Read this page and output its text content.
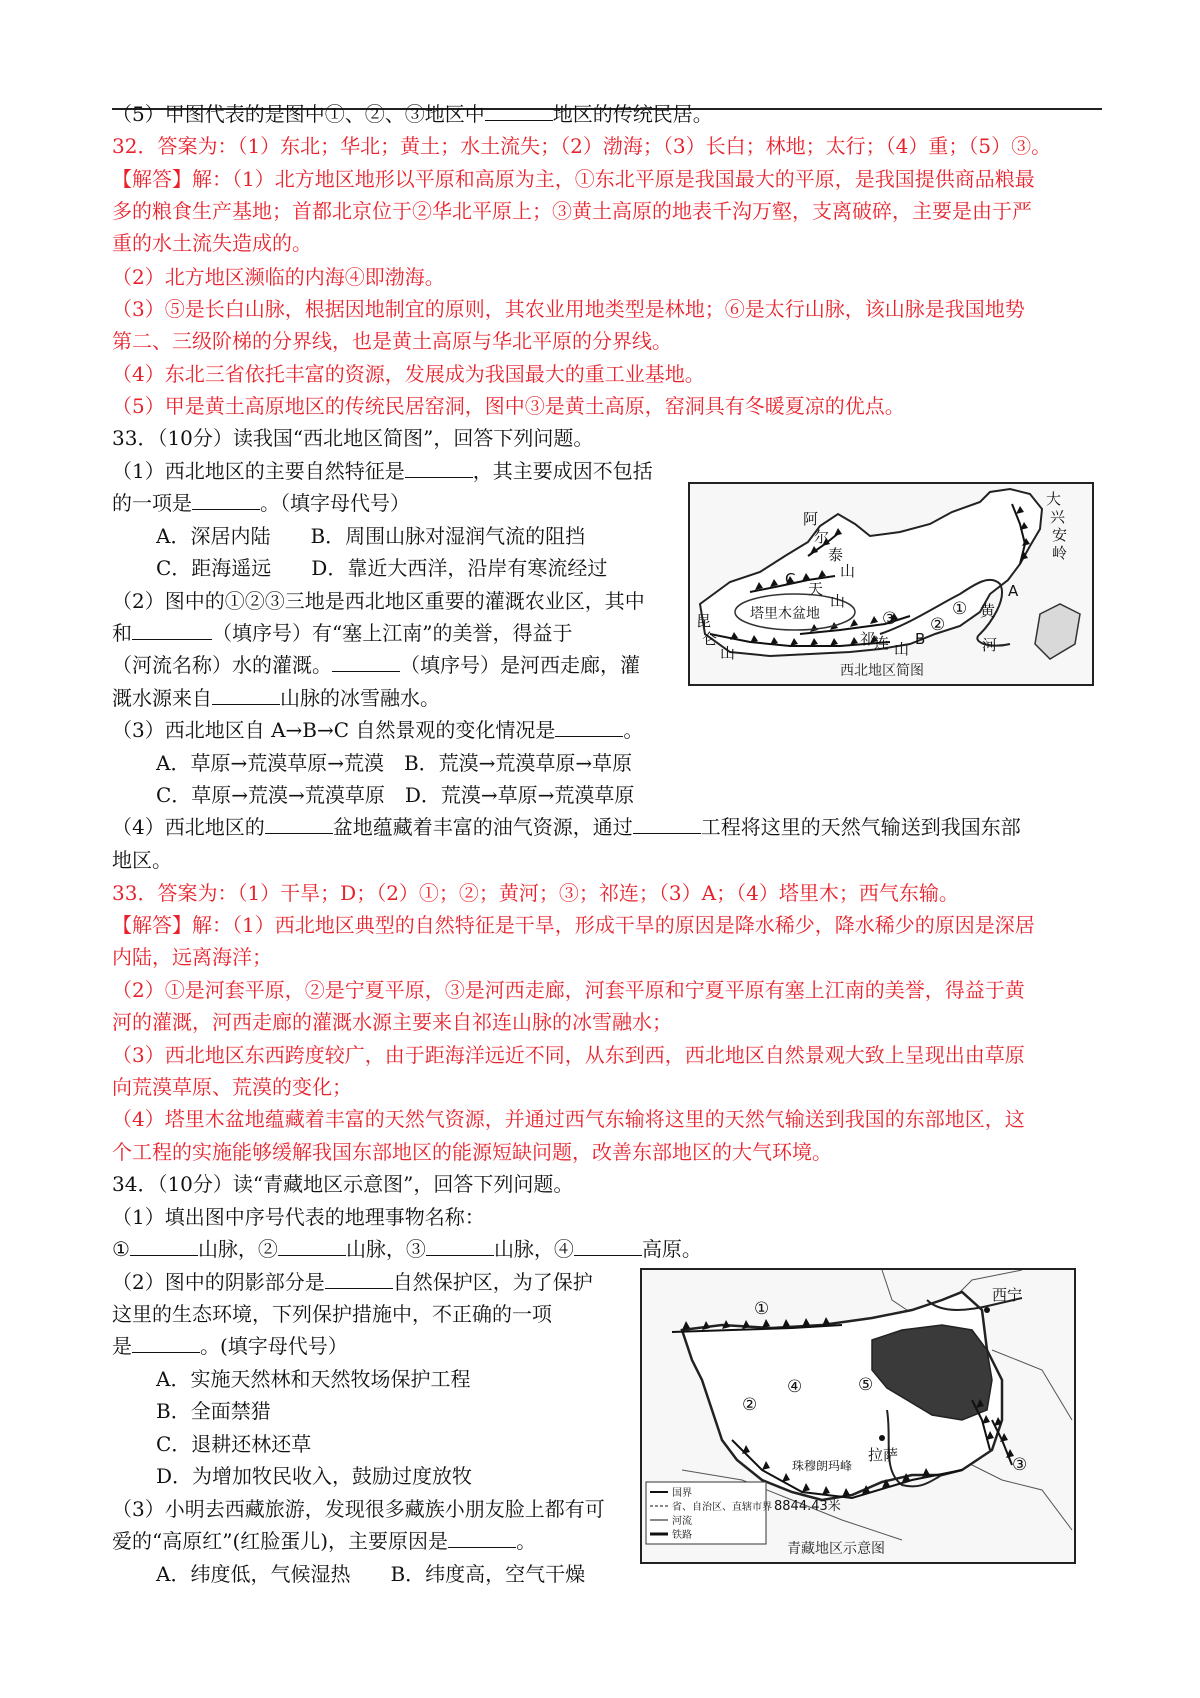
（5）甲图代表的是图中①、②、③地区中	地区的传统民居。
32．答案为：（1）东北；华北；黄土；水土流失；（2）渤海；（3）长白；林地；太行；（4）重；（5）③。
【解答】解：（1）北方地区地形以平原和高原为主，①东北平原是我国最大的平原，是我国提供商品粮最
多的粮食生产基地；首都北京位于②华北平原上；③黄土高原的地表千沟万壑，支离破碎，主要是由于严
重的水土流失造成的。
（2）北方地区濒临的内海④即渤海。
（3）⑤是长白山脉，根据因地制宜的原则，其农业用地类型是林地；⑥是太行山脉，该山脉是我国地势
第二、三级阶梯的分界线，也是黄土高原与华北平原的分界线。
（4）东北三省依托丰富的资源，发展成为我国最大的重工业基地。
（5）甲是黄土高原地区的传统民居窑洞，图中③是黄土高原，窑洞具有冬暖夏凉的优点。
33．（10分）读我国“西北地区简图”，回答下列问题。
（1）西北地区的主要自然特征是	，其主要成因不包括
的一项是	。（填字母代号）
A．深居内陆　　B．周围山脉对湿润气流的阻挡
C．距海遥远　　D．靠近大西洋，沿岸有寒流经过
（2）图中的①②③三地是西北地区重要的灌溉农业区，其中
和	（填序号）有“塞上江南”的美誉，得益于
（河流名称）水的灌溉。	（填序号）是河西走廊，灌
溉水源来自	山脉的冰雪融水。
（3）西北地区自 A→B→C 自然景观的变化情况是	。
A．草原→荒漠草原→荒漠　B．荒漠→荒漠草原→草原
C．草原→荒漠→荒漠草原　D．荒漠→草原→荒漠草原
（4）西北地区的	盆地蕴藏着丰富的油气资源，通过	工程将这里的天然气输送到我国东部
地区。
33．答案为：（1）干旱；D；（2）①；②；黄河；③；祁连；（3）A；（4）塔里木；西气东输。
【解答】解：（1）西北地区典型的自然特征是干旱，形成干旱的原因是降水稀少，降水稀少的原因是深居
内陆，远离海洋；
（2）①是河套平原，②是宁夏平原，③是河西走廊，河套平原和宁夏平原有塞上江南的美誉，得益于黄
河的灌溉，河西走廊的灌溉水源主要来自祁连山脉的冰雪融水；
（3）西北地区东西跨度较广，由于距海洋远近不同，从东到西，西北地区自然景观大致上呈现出由草原
向荒漠草原、荒漠的变化；
（4）塔里木盆地蕴藏着丰富的天然气资源，并通过西气东输将这里的天然气输送到我国的东部地区，这
个工程的实施能够缓解我国东部地区的能源短缺问题，改善东部地区的大气环境。
34．（10分）读“青藏地区示意图”，回答下列问题。
（1）填出图中序号代表的地理事物名称：
①	山脉，②	山脉，③	山脉，④	高原。
（2）图中的阴影部分是	自然保护区，为了保护
这里的生态环境，下列保护措施中，不正确的一项
是	。(填字母代号）
A．实施天然林和天然牧场保护工程
B．全面禁猎
C．退耕还林还草
D．为增加牧民收入，鼓励过度放牧
（3）小明去西藏旅游，发现很多藏族小朋友脸上都有可
爱的“高原红”(红脸蛋儿)，主要原因是	。
A．纬度低，气候湿热　　B．纬度高，空气干燥
阿
尔
泰
山
天
山
C
塔里木盆地
昆
仑
山
B
祁
连 山
A
黄
河
大
兴
安
岭
①
②
③
西北地区简图
国界
省、自治区、直辖市界
河流
铁路
①
②
③
④	⑤
西宁
拉萨
珠穆朗玛峰
8844.43米
青藏地区示意图
